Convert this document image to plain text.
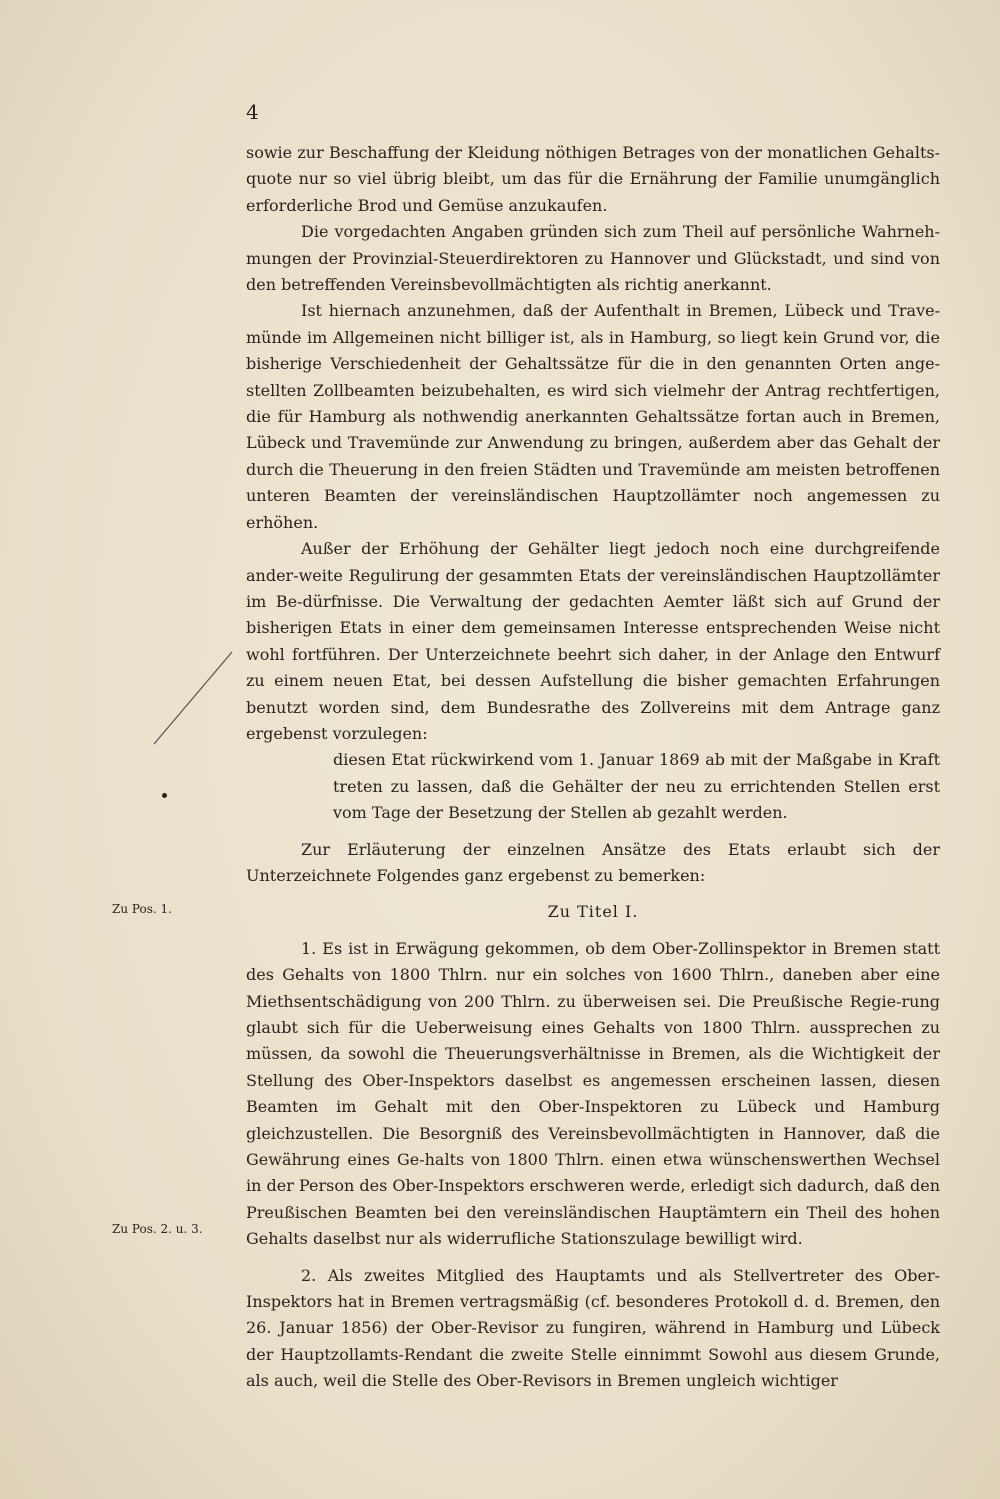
4
Zu Pos. 1.
Zu Pos. 2. u. 3.

sowie zur Beschaffung der Kleidung nöthigen Betrages von der monatlichen Gehalts-quote nur so viel übrig bleibt, um das für die Ernährung der Familie unumgänglich erforderliche Brod und Gemüse anzukaufen.

Die vorgedachten Angaben gründen sich zum Theil auf persönliche Wahrneh-mungen der Provinzial-Steuerdirektoren zu Hannover und Glückstadt, und sind von den betreffenden Vereinsbevollmächtigten als richtig anerkannt.

Ist hiernach anzunehmen, daß der Aufenthalt in Bremen, Lübeck und Trave-münde im Allgemeinen nicht billiger ist, als in Hamburg, so liegt kein Grund vor, die bisherige Verschiedenheit der Gehaltssätze für die in den genannten Orten ange-stellten Zollbeamten beizubehalten, es wird sich vielmehr der Antrag rechtfertigen, die für Hamburg als nothwendig anerkannten Gehaltssätze fortan auch in Bremen, Lübeck und Travemünde zur Anwendung zu bringen, außerdem aber das Gehalt der durch die Theuerung in den freien Städten und Travemünde am meisten betroffenen unteren Beamten der vereinsländischen Hauptzollämter noch angemessen zu erhöhen.

Außer der Erhöhung der Gehälter liegt jedoch noch eine durchgreifende ander-weite Regulirung der gesammten Etats der vereinsländischen Hauptzollämter im Be-dürfnisse. Die Verwaltung der gedachten Aemter läßt sich auf Grund der bisherigen Etats in einer dem gemeinsamen Interesse entsprechenden Weise nicht wohl fortführen. Der Unterzeichnete beehrt sich daher, in der Anlage den Entwurf zu einem neuen Etat, bei dessen Aufstellung die bisher gemachten Erfahrungen benutzt worden sind, dem Bundesrathe des Zollvereins mit dem Antrage ganz ergebenst vorzulegen:

diesen Etat rückwirkend vom 1. Januar 1869 ab mit der Maßgabe in Kraft treten zu lassen, daß die Gehälter der neu zu errichtenden Stellen erst vom Tage der Besetzung der Stellen ab gezahlt werden.

Zur Erläuterung der einzelnen Ansätze des Etats erlaubt sich der Unterzeichnete Folgendes ganz ergebenst zu bemerken:

Zu Titel I.

1. Es ist in Erwägung gekommen, ob dem Ober-Zollinspektor in Bremen statt des Gehalts von 1800 Thlrn. nur ein solches von 1600 Thlrn., daneben aber eine Miethsentschädigung von 200 Thlrn. zu überweisen sei. Die Preußische Regie-rung glaubt sich für die Ueberweisung eines Gehalts von 1800 Thlrn. aussprechen zu müssen, da sowohl die Theuerungsverhältnisse in Bremen, als die Wichtigkeit der Stellung des Ober-Inspektors daselbst es angemessen erscheinen lassen, diesen Beamten im Gehalt mit den Ober-Inspektoren zu Lübeck und Hamburg gleichzustellen. Die Besorgniß des Vereinsbevollmächtigten in Hannover, daß die Gewährung eines Ge-halts von 1800 Thlrn. einen etwa wünschenswerthen Wechsel in der Person des Ober-Inspektors erschweren werde, erledigt sich dadurch, daß den Preußischen Beamten bei den vereinsländischen Hauptämtern ein Theil des hohen Gehalts daselbst nur als widerrufliche Stationszulage bewilligt wird.

2. Als zweites Mitglied des Hauptamts und als Stellvertreter des Ober-Inspektors hat in Bremen vertragsmäßig (cf. besonderes Protokoll d. d. Bremen, den 26. Januar 1856) der Ober-Revisor zu fungiren, während in Hamburg und Lübeck der Hauptzollamts-Rendant die zweite Stelle einnimmt Sowohl aus diesem Grunde, als auch, weil die Stelle des Ober-Revisors in Bremen ungleich wichtiger
